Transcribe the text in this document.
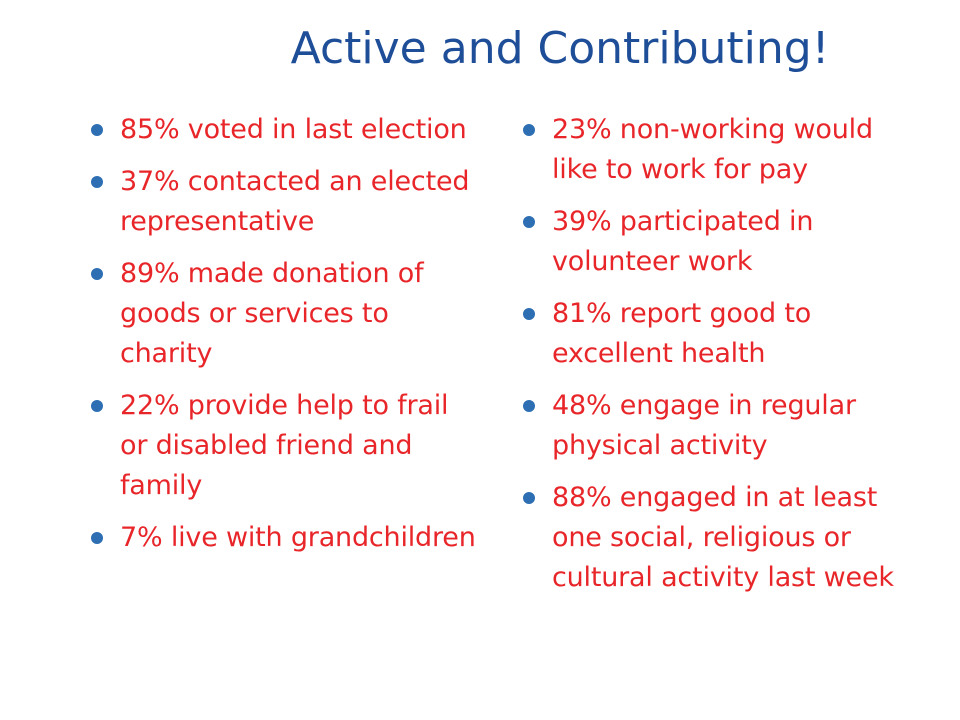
Active and Contributing!
85% voted in last election
37% contacted an elected representative
89% made donation of goods or services to charity
22% provide help to frail or disabled friend and family
7% live with grandchildren
23% non-working would like to work for pay
39% participated in volunteer work
81% report good to excellent health
48% engage in regular physical activity
88% engaged in at least one social, religious or cultural activity last week
